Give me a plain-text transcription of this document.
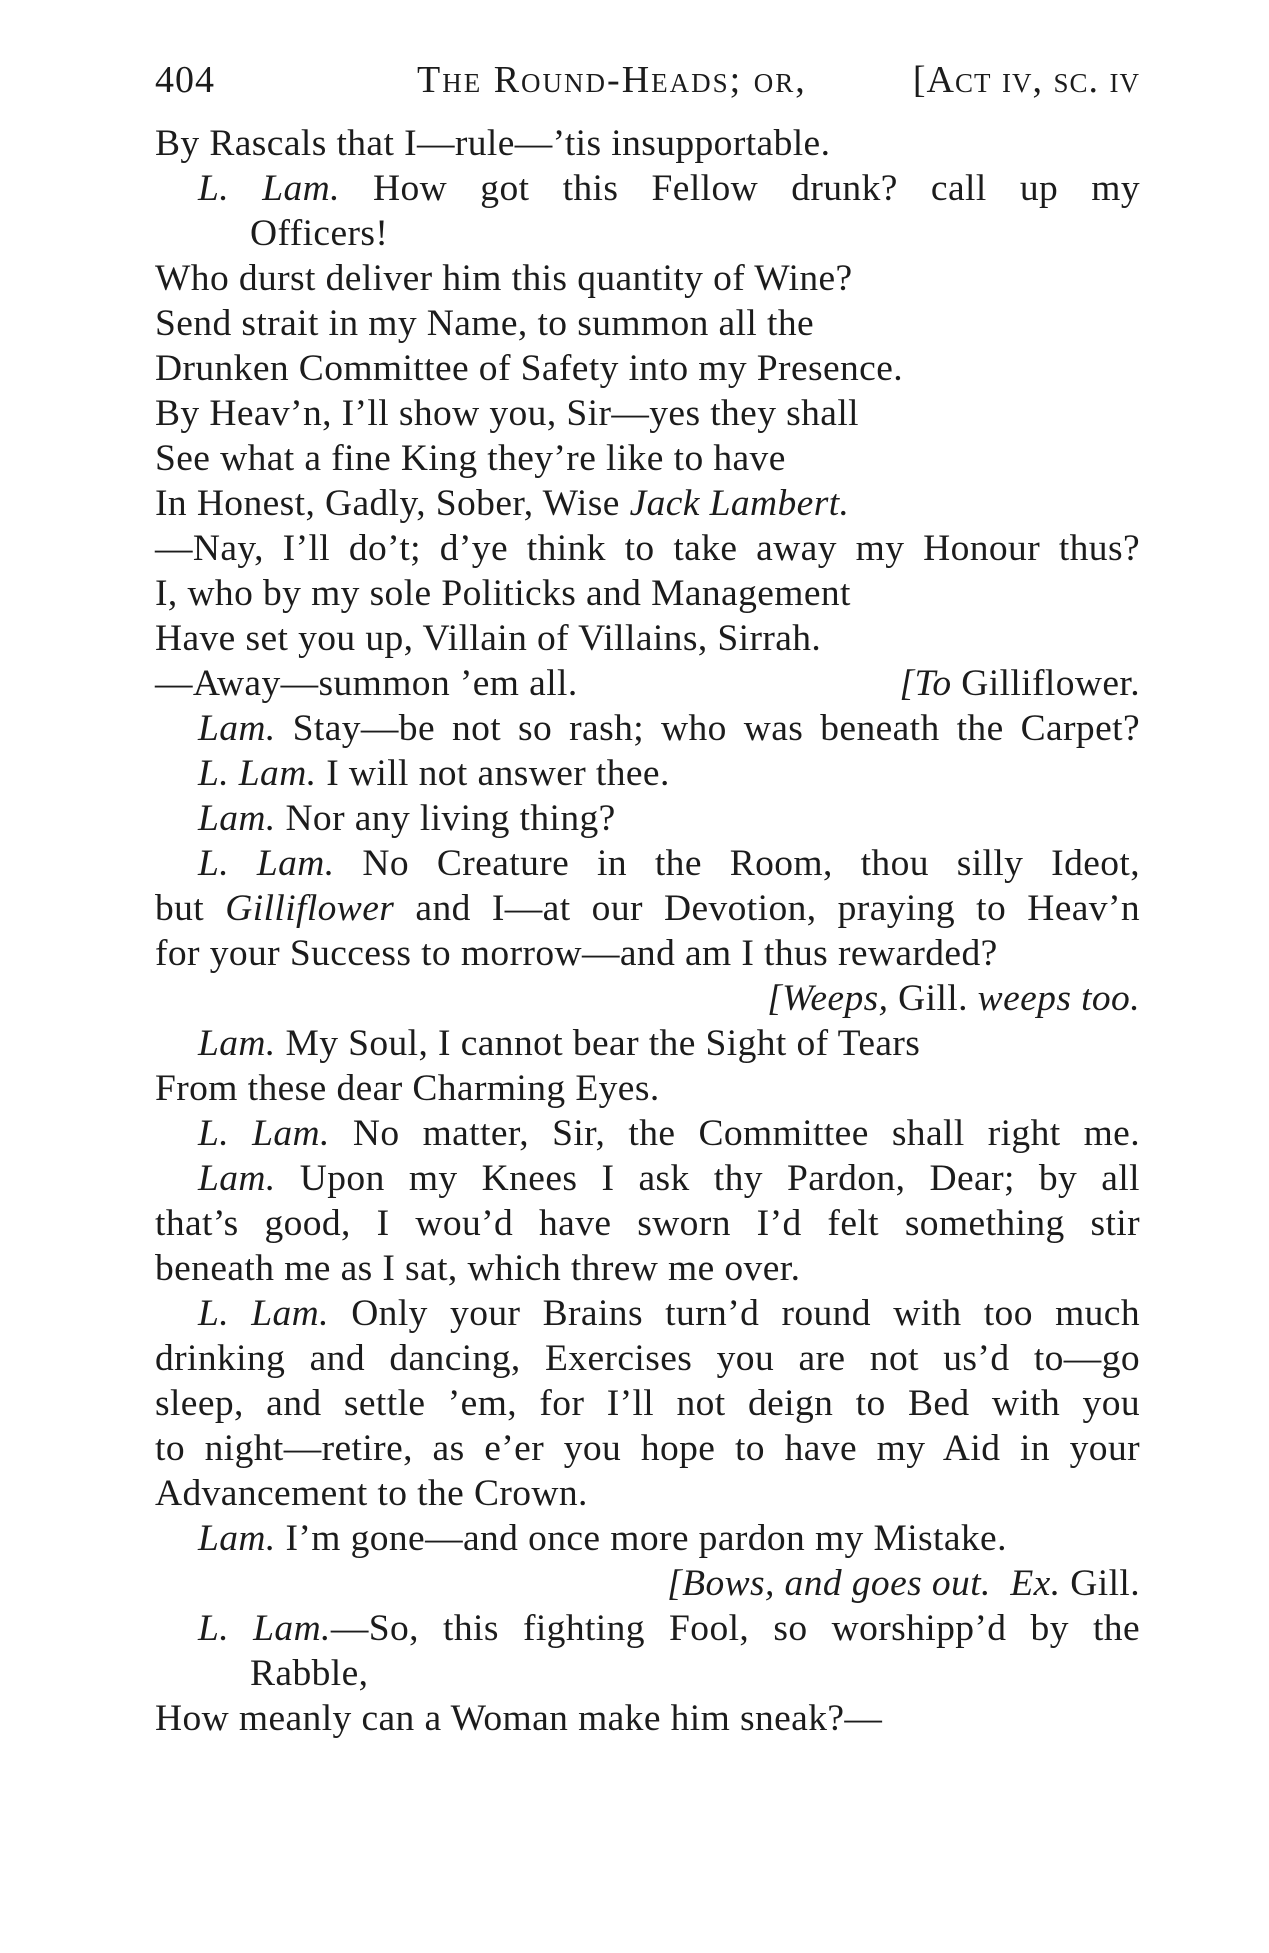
404	The Round-Heads; or,	[Act iv, sc. iv
By Rascals that I—rule—’tis insupportable.
L. Lam. How got this Fellow drunk? call up my
Officers!
Who durst deliver him this quantity of Wine?
Send strait in my Name, to summon all the
Drunken Committee of Safety into my Presence.
By Heav’n, I’ll show you, Sir—yes they shall
See what a fine King they’re like to have
In Honest, Gadly, Sober, Wise Jack Lambert.
—Nay, I’ll do’t; d’ye think to take away my Honour thus?
I, who by my sole Politicks and Management
Have set you up, Villain of Villains, Sirrah.
—Away—summon ’em all.	[To Gilliflower.
Lam. Stay—be not so rash; who was beneath the Carpet?
L. Lam. I will not answer thee.
Lam. Nor any living thing?
L. Lam. No Creature in the Room, thou silly Ideot,
but Gilliflower and I—at our Devotion, praying to Heav’n
for your Success to morrow—and am I thus rewarded?
[Weeps, Gill. weeps too.
Lam. My Soul, I cannot bear the Sight of Tears
From these dear Charming Eyes.
L. Lam. No matter, Sir, the Committee shall right me.
Lam. Upon my Knees I ask thy Pardon, Dear; by all
that’s good, I wou’d have sworn I’d felt something stir
beneath me as I sat, which threw me over.
L. Lam. Only your Brains turn’d round with too much
drinking and dancing, Exercises you are not us’d to—go
sleep, and settle ’em, for I’ll not deign to Bed with you
to night—retire, as e’er you hope to have my Aid in your
Advancement to the Crown.
Lam. I’m gone—and once more pardon my Mistake.
[Bows, and goes out. Ex. Gill.
L. Lam.—So, this fighting Fool, so worshipp’d by the
Rabble,
How meanly can a Woman make him sneak?—
